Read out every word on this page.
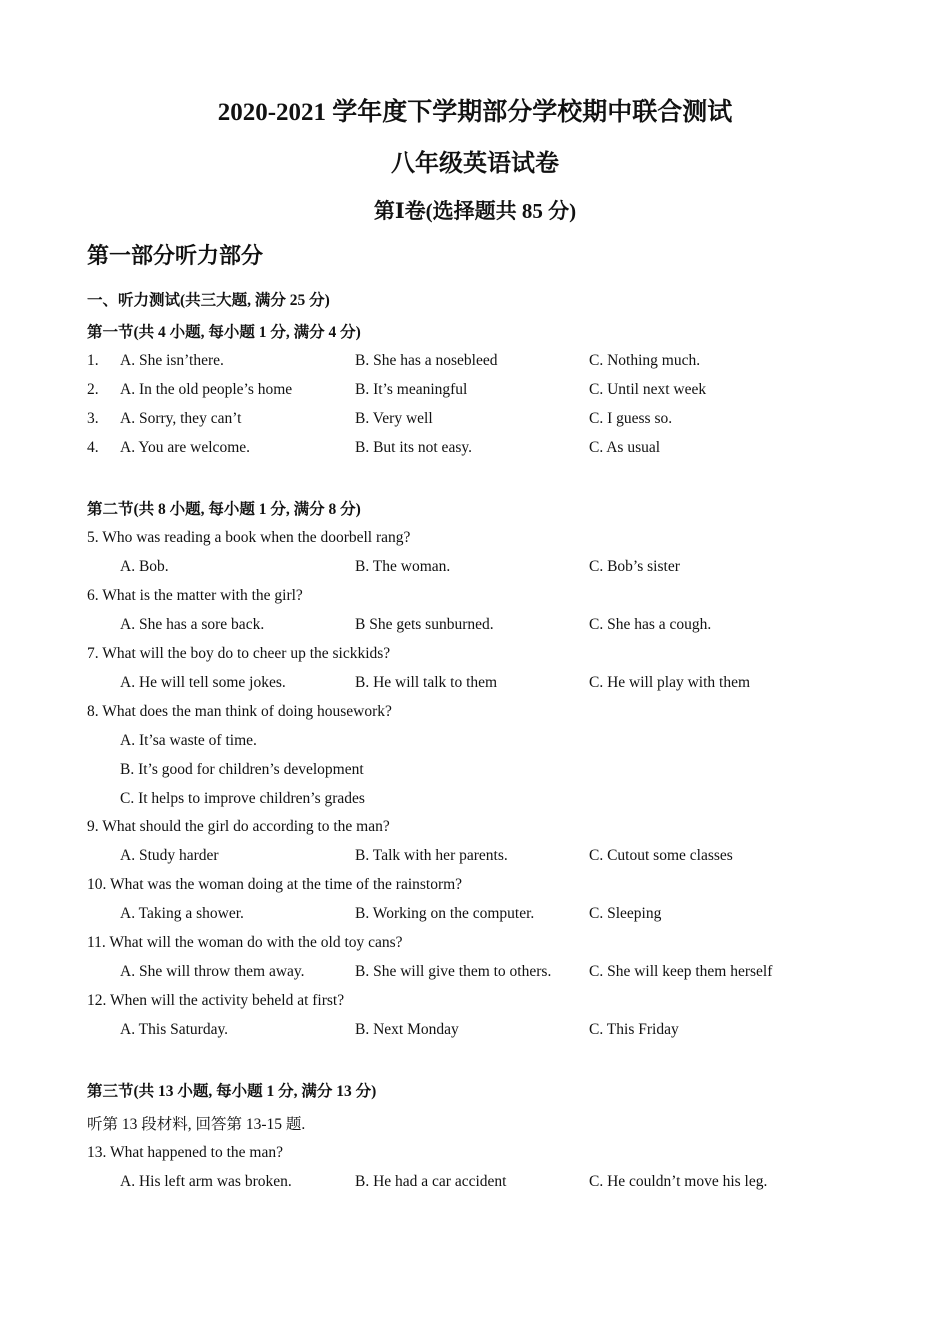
2020-2021 学年度下学期部分学校期中联合测试
八年级英语试卷
第Ⅰ卷(选择题共 85 分)
第一部分听力部分
一、听力测试(共三大题, 满分 25 分)
第一节(共 4 小题, 每小题 1 分, 满分 4 分)
1. A. She isn’there.	B. She has a nosebleed	C. Nothing much.
2. A. In the old people’s home	B. It’s meaningful	C. Until next week
3. A. Sorry, they can’t	B. Very well	C. I guess so.
4. A. You are welcome.	B. But its not easy.	C. As usual
第二节(共 8 小题, 每小题 1 分, 满分 8 分)
5. Who was reading a book when the doorbell rang?
A. Bob.	B. The woman.	C. Bob’s sister
6. What is the matter with the girl?
A. She has a sore back.	B She gets sunburned.	C. She has a cough.
7. What will the boy do to cheer up the sickkids?
A. He will tell some jokes.	B. He will talk to them	C. He will play with them
8. What does the man think of doing housework?
A. It’sa waste of time.
B. It’s good for children’s development
C. It helps to improve children’s grades
9. What should the girl do according to the man?
A. Study harder	B. Talk with her parents.	C. Cutout some classes
10. What was the woman doing at the time of the rainstorm?
A. Taking a shower.	B. Working on the computer.	C. Sleeping
11. What will the woman do with the old toy cans?
A. She will throw them away.	B. She will give them to others. C. She will keep them herself
12. When will the activity beheld at first?
A. This Saturday.	B. Next Monday	C. This Friday
第三节(共 13 小题, 每小题 1 分, 满分 13 分)
听第 13 段材料, 回答第 13-15 题.
13. What happened to the man?
A. His left arm was broken.	B. He had a car accident	C. He couldn’t move his leg.
